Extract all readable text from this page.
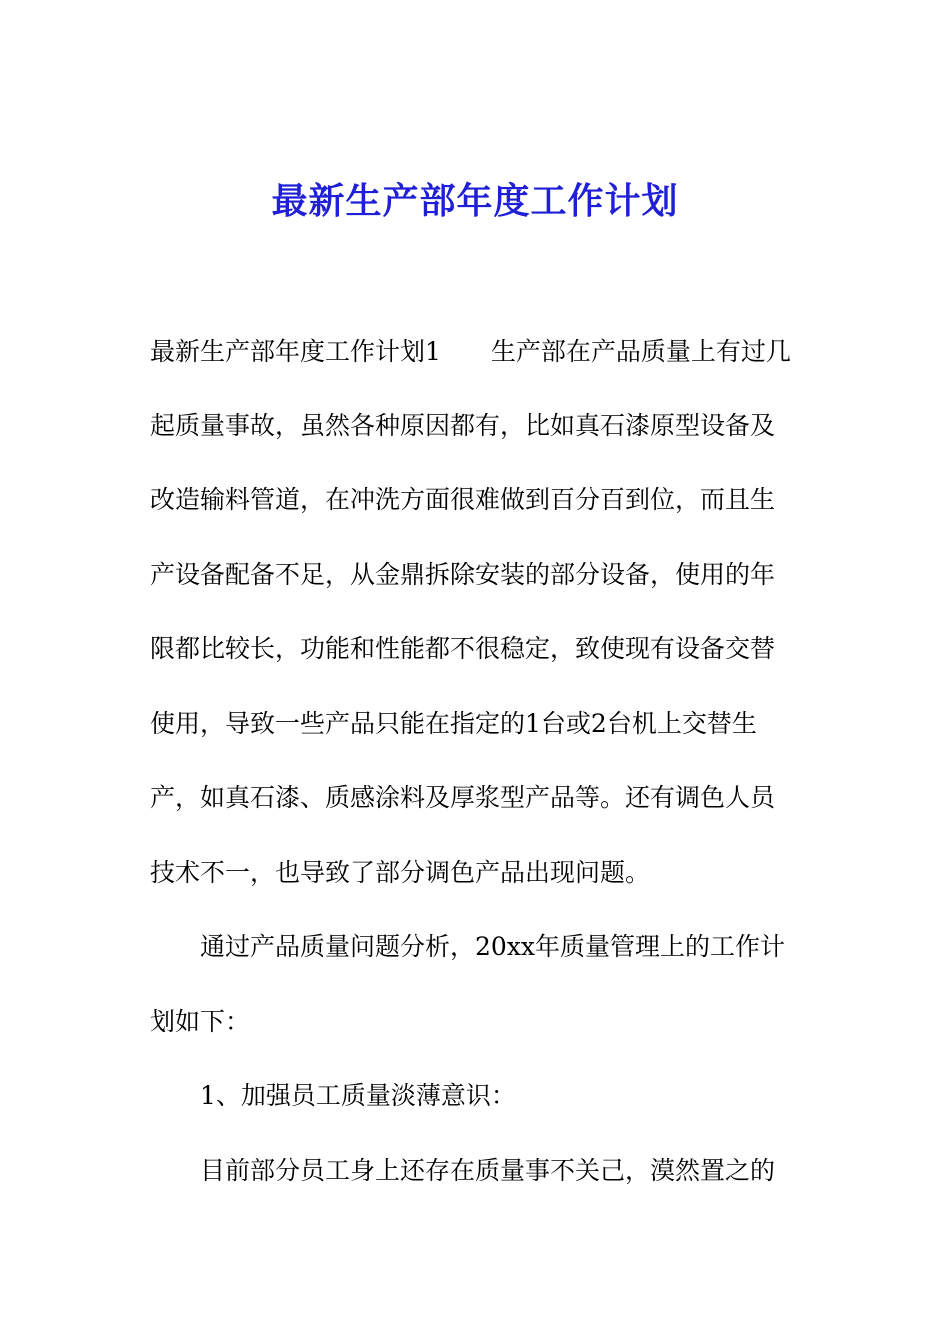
最新生产部年度工作计划

最新生产部年度工作计划1　　生产部在产品质量上有过几

起质量事故，虽然各种原因都有，比如真石漆原型设备及

改造输料管道，在冲洗方面很难做到百分百到位，而且生

产设备配备不足，从金鼎拆除安装的部分设备，使用的年

限都比较长，功能和性能都不很稳定，致使现有设备交替

使用，导致一些产品只能在指定的1台或2台机上交替生

产，如真石漆、质感涂料及厚浆型产品等。还有调色人员

技术不一，也导致了部分调色产品出现问题。

通过产品质量问题分析，20xx年质量管理上的工作计

划如下：

1、加强员工质量淡薄意识：

目前部分员工身上还存在质量事不关己，漠然置之的
